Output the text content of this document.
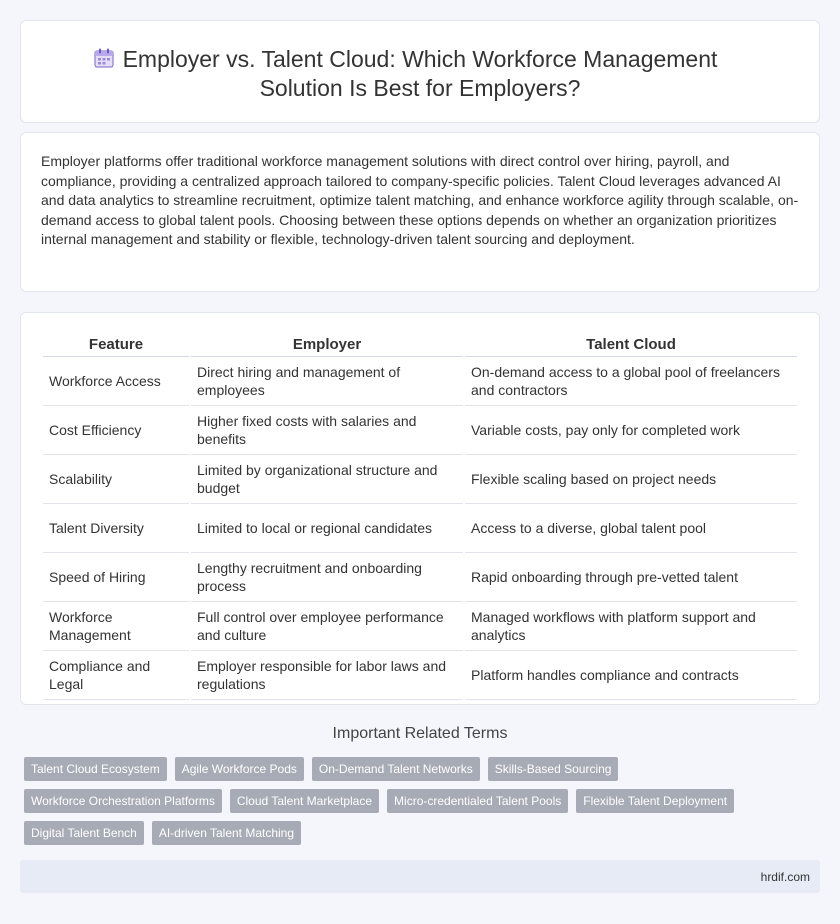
Employer vs. Talent Cloud: Which Workforce Management
Solution Is Best for Employers?

Employer platforms offer traditional workforce management solutions with direct control over hiring, payroll, and compliance, providing a centralized approach tailored to company-specific policies. Talent Cloud leverages advanced AI and data analytics to streamline recruitment, optimize talent matching, and enhance workforce agility through scalable, on-demand access to global talent pools. Choosing between these options depends on whether an organization prioritizes internal management and stability or flexible, technology-driven talent sourcing and deployment.

Feature	Employer	Talent Cloud
Workforce Access	Direct hiring and management of employees	On-demand access to a global pool of freelancers and contractors
Cost Efficiency	Higher fixed costs with salaries and benefits	Variable costs, pay only for completed work
Scalability	Limited by organizational structure and budget	Flexible scaling based on project needs
Talent Diversity	Limited to local or regional candidates	Access to a diverse, global talent pool
Speed of Hiring	Lengthy recruitment and onboarding process	Rapid onboarding through pre-vetted talent
Workforce Management	Full control over employee performance and culture	Managed workflows with platform support and analytics
Compliance and Legal	Employer responsible for labor laws and regulations	Platform handles compliance and contracts
Important Related Terms
Talent Cloud Ecosystem	Agile Workforce Pods	On-Demand Talent Networks	Skills-Based Sourcing
Workforce Orchestration Platforms	Cloud Talent Marketplace	Micro-credentialed Talent Pools	Flexible Talent Deployment
Digital Talent Bench	AI-driven Talent Matching
hrdif.com
